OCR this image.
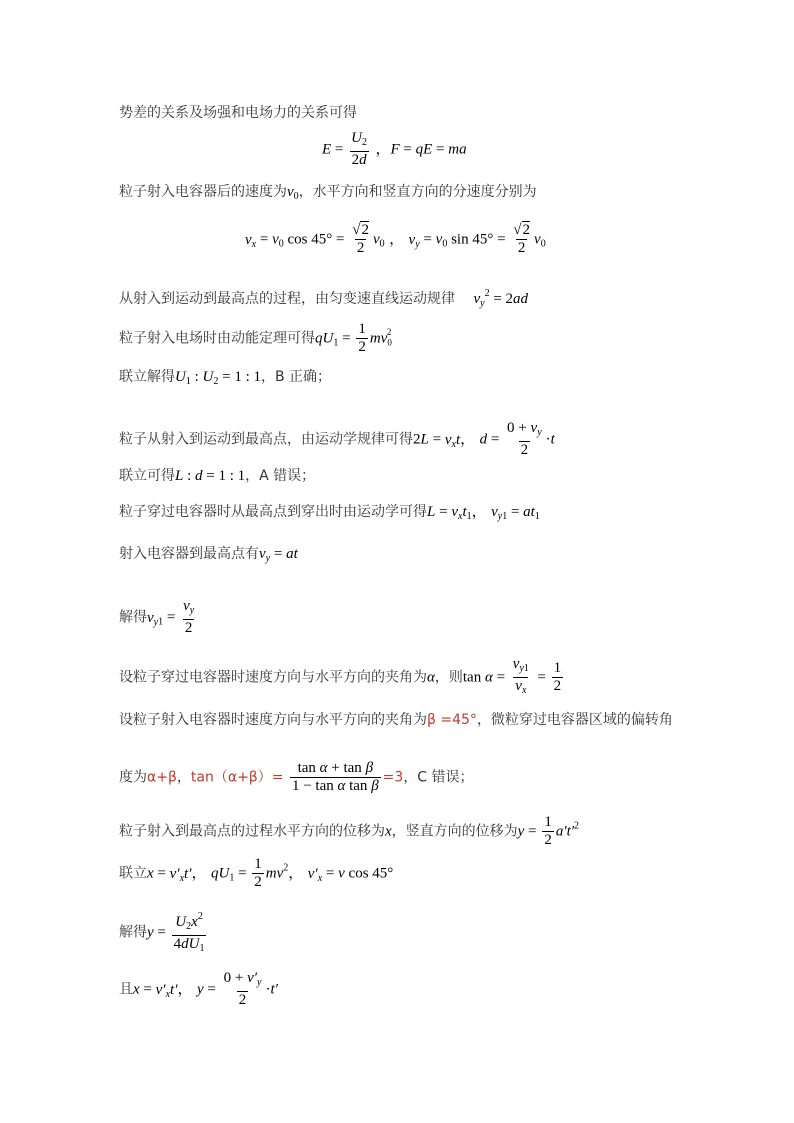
势差的关系及场强和电场力的关系可得
$E = \frac{U_2}{2d}$ ，F = qE = ma
粒子射入电容器后的速度为$v_0$，水平方向和竖直方向的分速度分别为
$v_x = v_0$ $\cos 45^\circ = \frac{√2}{2} v_0$ ， $v_y = v_0$ $\sin 45^\circ = \frac{√2}{2} v_0$
从射入到运动到最高点的过程，由匀变速直线运动规律 $v_y^2 = 2ad$
粒子射入电场时由动能定理可得$qU_1 = \frac{1}{2} mv_0^2$
联立解得$U_1$ : $U_2 = 1$ : 1，B 正确；
粒子从射入到运动到最高点，由运动学规律可得$2L = v_xt$， $d = \frac{0 + v_y}{2} \cdot t$
联立可得L : d = 1 : 1，A 错误；
粒子穿过电容器时从最高点到穿出时由运动学可得$L = v_xt_1$， $v_{y1} = at_1$
射入电容器到最高点有$v_y$ = at
解得$v_{y1} = \frac{v_y}{2}$
设粒子穿过电容器时速度方向与水平方向的夹角为α，则$\tan \alpha = \frac{v_{y1}}{v_x} = \frac{1}{2}$
设粒子射入电容器时速度方向与水平方向的夹角为β =45°，微粒穿过电容器区域的偏转角
度为α+β，$\tan(\alpha+\beta)= \frac{\text{tan α + tan β}}{\text{1 − tan α tan β}} =3$，C 错误；
粒子射入到最高点的过程水平方向的位移为x，竖直方向的位移为$y = \frac{1}{2} a't'^2$
联立$x = v'_xt'$， $qU_1 = \frac{1}{2} mv^2$， $v'_x = v$ cos 45°
解得$y = \frac{U_2x^2}{4dU_1}$
且$x = v'_xt'$， $y = \frac{0 + v'_y}{2} \cdot t'$
